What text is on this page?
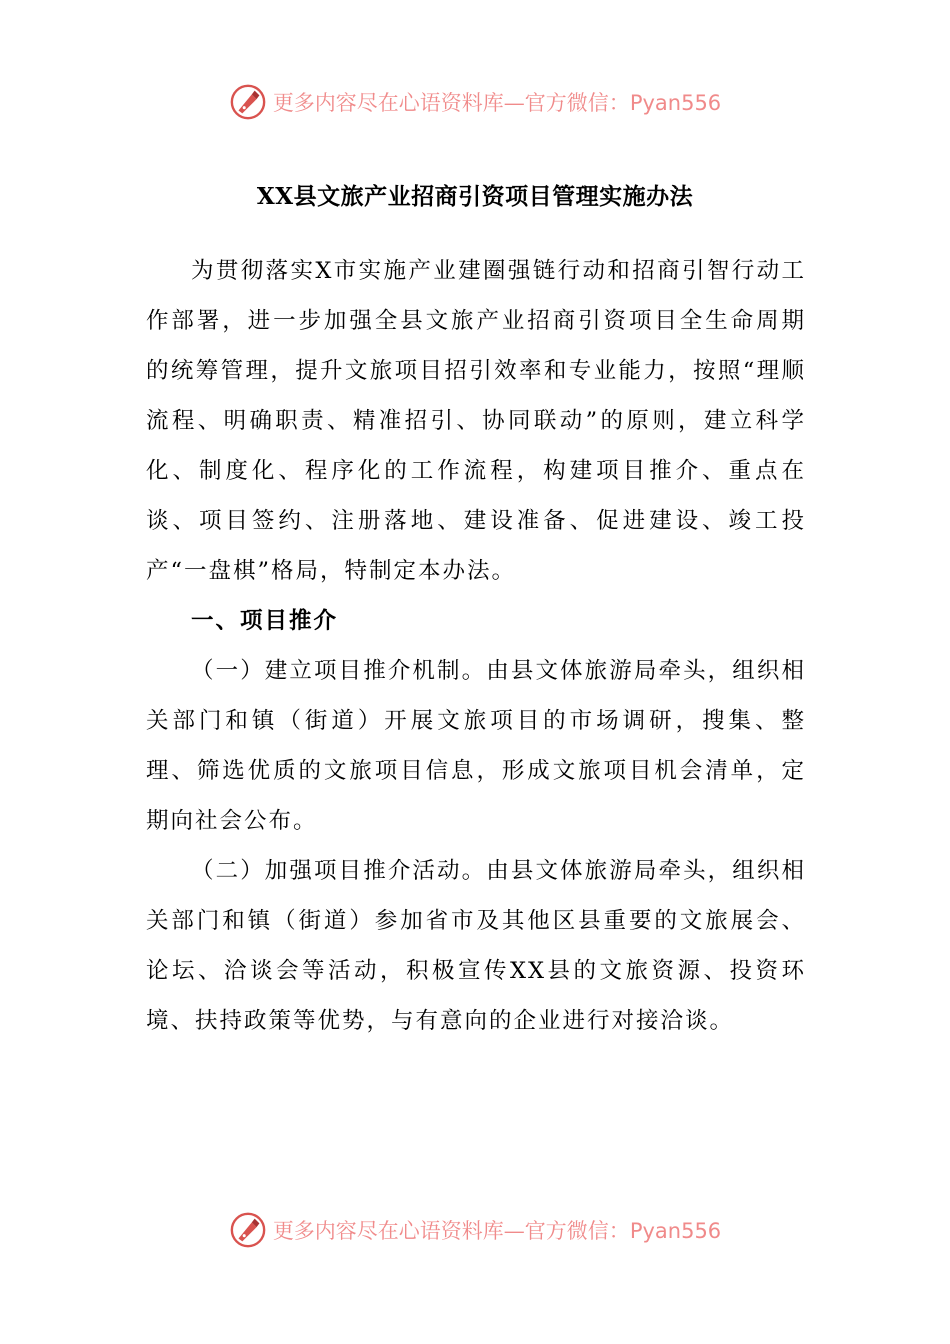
更多内容尽在心语资料库—官方微信：Pyan556
XX县文旅产业招商引资项目管理实施办法

为贯彻落实X市实施产业建圈强链行动和招商引智行动工作部署，进一步加强全县文旅产业招商引资项目全生命周期的统筹管理，提升文旅项目招引效率和专业能力，按照“理顺流程、明确职责、精准招引、协同联动”的原则，建立科学化、制度化、程序化的工作流程，构建项目推介、重点在谈、项目签约、注册落地、建设准备、促进建设、竣工投产“一盘棋”格局，特制定本办法。

一、项目推介

（一）建立项目推介机制。由县文体旅游局牵头，组织相关部门和镇（街道）开展文旅项目的市场调研，搜集、整理、筛选优质的文旅项目信息，形成文旅项目机会清单，定期向社会公布。

（二）加强项目推介活动。由县文体旅游局牵头，组织相关部门和镇（街道）参加省市及其他区县重要的文旅展会、论坛、洽谈会等活动，积极宣传XX县的文旅资源、投资环境、扶持政策等优势，与有意向的企业进行对接洽谈。

更多内容尽在心语资料库—官方微信：Pyan556
